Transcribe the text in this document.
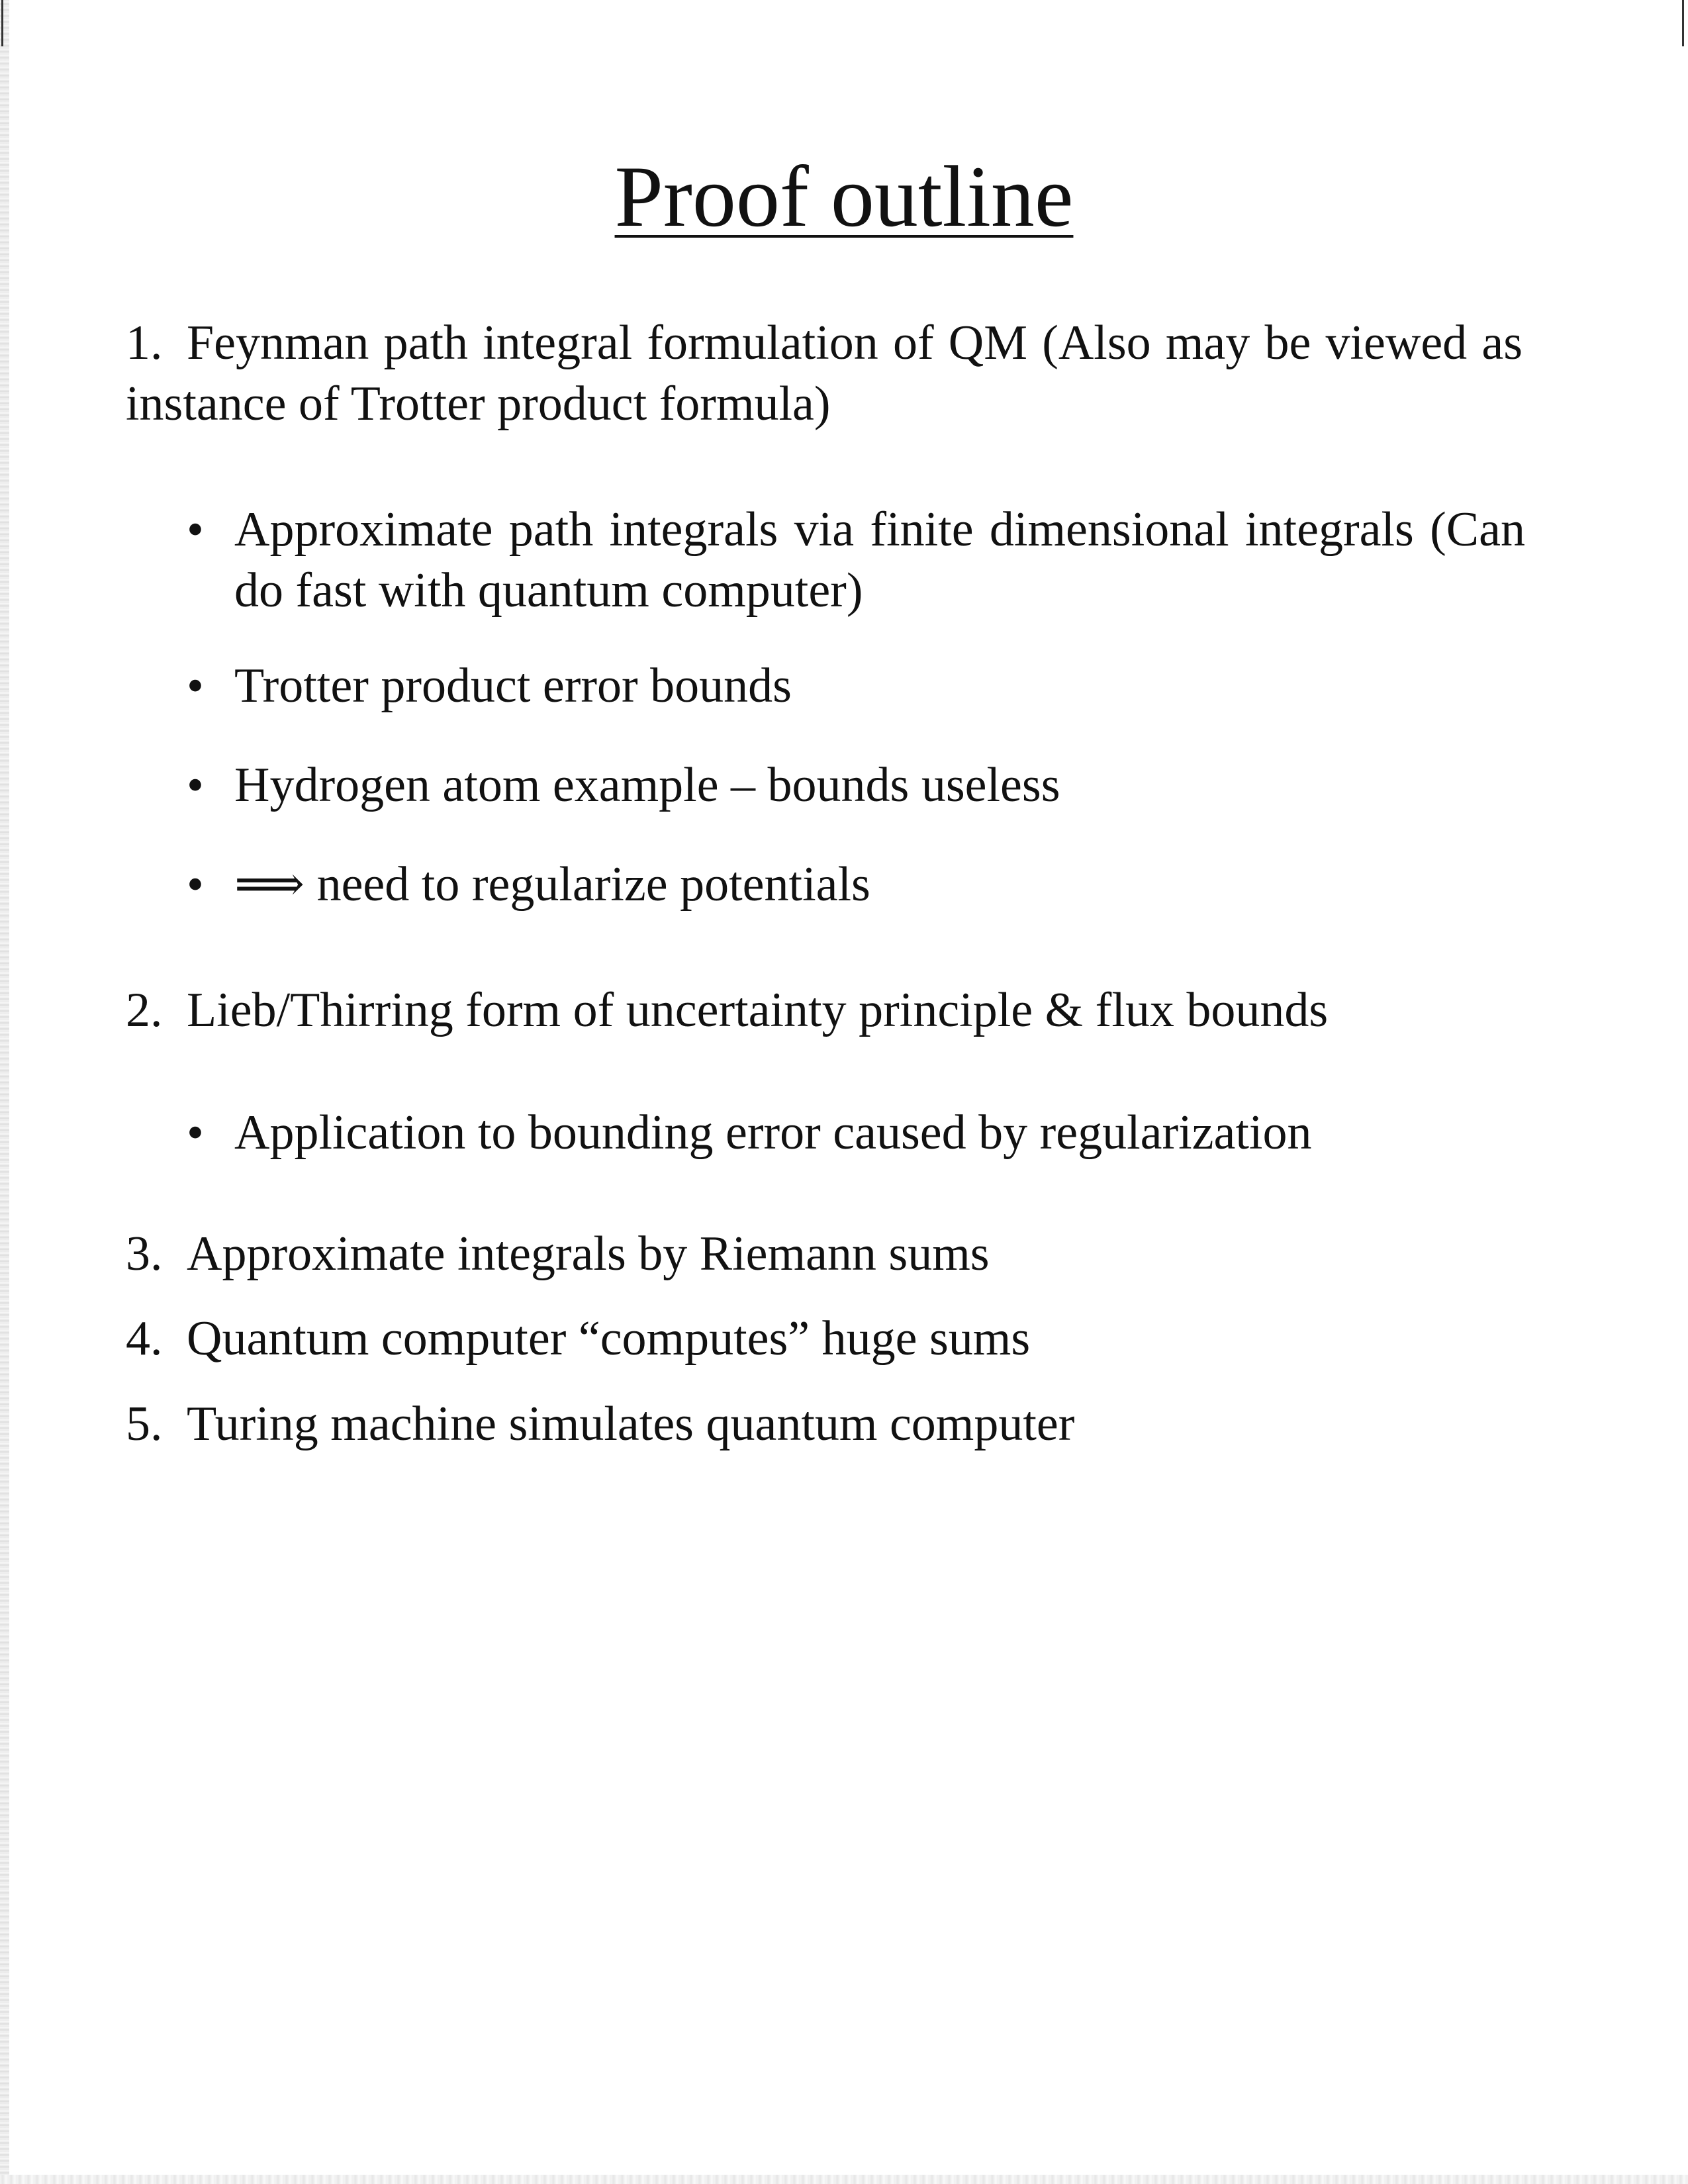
Proof outline

1. Feynman path integral formulation of QM (Also may be viewed as instance of Trotter product formula)

• Approximate path integrals via finite dimensional integrals (Can do fast with quantum computer)

• Trotter product error bounds

• Hydrogen atom example – bounds useless

• ⟹ need to regularize potentials

2. Lieb/Thirring form of uncertainty principle & flux bounds

• Application to bounding error caused by regularization

3. Approximate integrals by Riemann sums

4. Quantum computer “computes” huge sums

5. Turing machine simulates quantum computer
